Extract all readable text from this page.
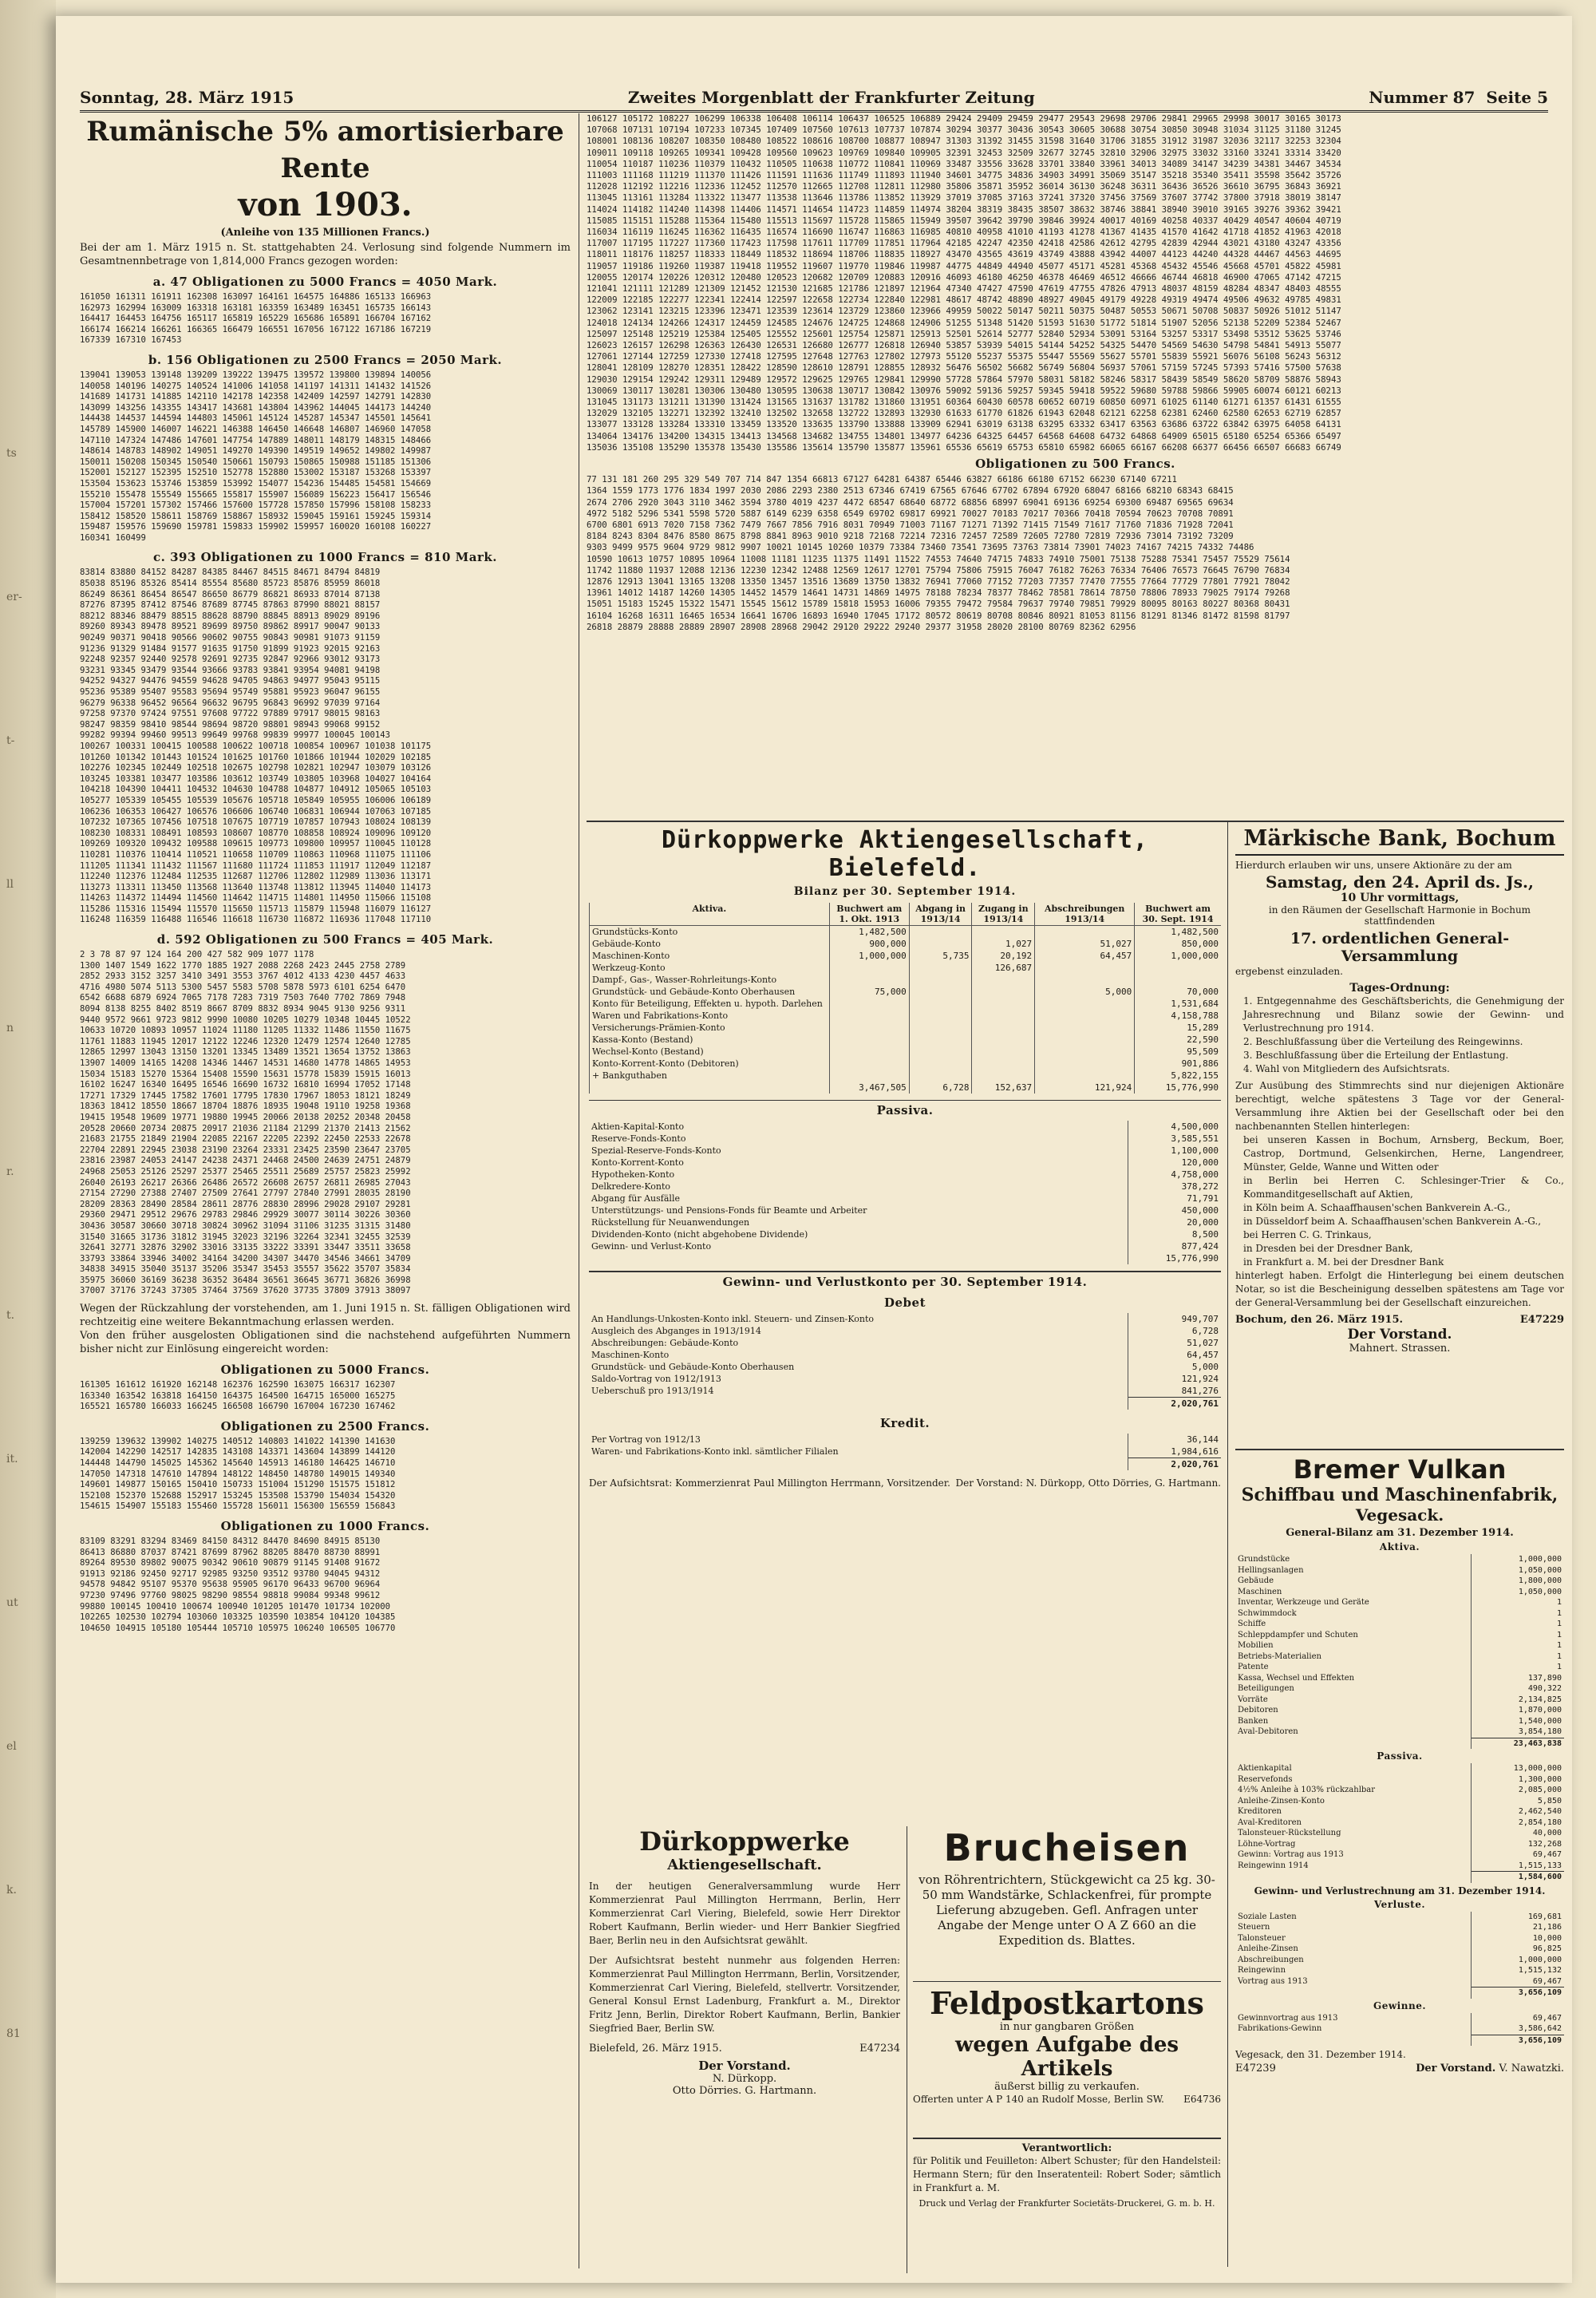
ts
er-
t-
ll
n
r.
t.
it.
ut
el
k.
81
Sonntag, 28. März 1915	Zweites Morgenblatt der Frankfurter Zeitung	Nummer 87 Seite 5
Rumänische 5% amortisierbare Rente
von 1903.
(Anleihe von 135 Millionen Francs.)
Bei der am 1. März 1915 n. St. stattgehabten 24. Verlosung sind folgende Nummern im Gesamtnennbetrage von 1,814,000 Francs gezogen worden:
a. 47 Obligationen zu 5000 Francs = 4050 Mark.
161050 161311 161911 162308 163097 164161 164575 164886 165133 166963
162973 162994 163009 163318 163181 163359 163489 163451 165735 166143
164417 164453 164756 165117 165819 165229 165686 165891 166704 167162
166174 166214 166261 166365 166479 166551 167056 167122 167186 167219
167339 167310 167453
b. 156 Obligationen zu 2500 Francs = 2050 Mark.
139041 139053 139148 139209 139222 139475 139572 139800 139894 140056
140058 140196 140275 140524 141006 141058 141197 141311 141432 141526
141689 141731 141885 142110 142178 142358 142409 142597 142791 142830
143099 143256 143355 143417 143681 143804 143962 144045 144173 144240
144438 144537 144594 144803 145061 145124 145287 145347 145501 145641
145789 145900 146007 146221 146388 146450 146648 146807 146960 147058
147110 147324 147486 147601 147754 147889 148011 148179 148315 148466
148614 148783 148902 149051 149270 149390 149519 149652 149802 149987
150011 150208 150345 150540 150661 150793 150865 150988 151185 151306
152001 152127 152395 152510 152778 152880 153002 153187 153268 153397
153504 153623 153746 153859 153992 154077 154236 154485 154581 154669
155210 155478 155549 155665 155817 155907 156089 156223 156417 156546
157004 157201 157302 157466 157600 157728 157850 157996 158108 158233
158412 158520 158611 158769 158867 158932 159045 159161 159245 159314
159487 159576 159690 159781 159833 159902 159957 160020 160108 160227
160341 160499
c. 393 Obligationen zu 1000 Francs = 810 Mark.
83814 83880 84152 84287 84385 84467 84515 84671 84794 84819
85038 85196 85326 85414 85554 85680 85723 85876 85959 86018
86249 86361 86454 86547 86650 86779 86821 86933 87014 87138
87276 87395 87412 87546 87689 87745 87863 87990 88021 88157
88212 88346 88479 88515 88628 88790 88845 88913 89029 89196
89260 89343 89478 89521 89699 89750 89862 89917 90047 90133
90249 90371 90418 90566 90602 90755 90843 90981 91073 91159
91236 91329 91484 91577 91635 91750 91899 91923 92015 92163
92248 92357 92440 92578 92691 92735 92847 92966 93012 93173
93231 93345 93479 93544 93666 93783 93841 93954 94081 94198
94252 94327 94476 94559 94628 94705 94863 94977 95043 95115
95236 95389 95407 95583 95694 95749 95881 95923 96047 96155
96279 96338 96452 96564 96632 96795 96843 96992 97039 97164
97258 97370 97424 97551 97608 97722 97889 97917 98015 98163
98247 98359 98410 98544 98694 98720 98801 98943 99068 99152
99282 99394 99460 99513 99649 99768 99839 99977 100045 100143
100267 100331 100415 100588 100622 100718 100854 100967 101038 101175
101260 101342 101443 101524 101625 101760 101866 101944 102029 102185
102276 102345 102449 102518 102675 102798 102821 102947 103079 103126
103245 103381 103477 103586 103612 103749 103805 103968 104027 104164
104218 104390 104411 104532 104630 104788 104877 104912 105065 105103
105277 105339 105455 105539 105676 105718 105849 105955 106006 106189
106236 106353 106427 106576 106606 106740 106831 106944 107063 107185
107232 107365 107456 107518 107675 107719 107857 107943 108024 108139
108230 108331 108491 108593 108607 108770 108858 108924 109096 109120
109269 109320 109432 109588 109615 109773 109800 109957 110045 110128
110281 110376 110414 110521 110658 110709 110863 110968 111075 111106
111205 111341 111432 111567 111680 111724 111853 111917 112049 112187
112240 112376 112484 112535 112687 112706 112802 112989 113036 113171
113273 113311 113450 113568 113640 113748 113812 113945 114040 114173
114263 114372 114494 114560 114642 114715 114801 114950 115066 115108
115286 115316 115494 115570 115650 115713 115879 115948 116079 116127
116248 116359 116488 116546 116618 116730 116872 116936 117048 117110
d. 592 Obligationen zu 500 Francs = 405 Mark.
2 3 78 87 97 124 164 200 427 582 909 1077 1178
1300 1407 1549 1622 1770 1885 1927 2088 2268 2423 2445 2758 2789
2852 2933 3152 3257 3410 3491 3553 3767 4012 4133 4230 4457 4633
4716 4980 5074 5113 5300 5457 5583 5708 5878 5973 6101 6254 6470
6542 6688 6879 6924 7065 7178 7283 7319 7503 7640 7702 7869 7948
8094 8138 8255 8402 8519 8667 8709 8832 8934 9045 9130 9256 9311
9440 9572 9661 9723 9812 9990 10080 10205 10279 10348 10445 10522
10633 10720 10893 10957 11024 11180 11205 11332 11486 11550 11675
11761 11883 11945 12017 12122 12246 12320 12479 12574 12640 12785
12865 12997 13043 13150 13201 13345 13489 13521 13654 13752 13863
13907 14009 14165 14208 14346 14467 14531 14680 14778 14865 14953
15034 15183 15270 15364 15408 15590 15631 15778 15839 15915 16013
16102 16247 16340 16495 16546 16690 16732 16810 16994 17052 17148
17271 17329 17445 17582 17601 17795 17830 17967 18053 18121 18249
18363 18412 18550 18667 18704 18876 18935 19048 19110 19258 19368
19415 19548 19609 19771 19880 19945 20066 20138 20252 20348 20458
20528 20660 20734 20875 20917 21036 21184 21299 21370 21413 21562
21683 21755 21849 21904 22085 22167 22205 22392 22450 22533 22678
22704 22891 22945 23038 23190 23264 23331 23425 23590 23647 23705
23816 23987 24053 24147 24238 24371 24468 24500 24639 24751 24879
24968 25053 25126 25297 25377 25465 25511 25689 25757 25823 25992
26040 26193 26217 26366 26486 26572 26608 26757 26811 26985 27043
27154 27290 27388 27407 27509 27641 27797 27840 27991 28035 28190
28209 28363 28490 28584 28611 28776 28830 28996 29028 29107 29281
29360 29471 29512 29676 29783 29846 29929 30077 30114 30226 30360
30436 30587 30660 30718 30824 30962 31094 31106 31235 31315 31480
31540 31665 31736 31812 31945 32023 32196 32264 32341 32455 32539
32641 32771 32876 32902 33016 33135 33222 33391 33447 33511 33658
33793 33864 33946 34002 34164 34200 34307 34470 34546 34661 34709
34838 34915 35040 35137 35206 35347 35453 35557 35622 35707 35834
35975 36060 36169 36238 36352 36484 36561 36645 36771 36826 36998
37007 37176 37243 37305 37464 37569 37620 37735 37809 37913 38097
Wegen der Rückzahlung der vorstehenden, am 1. Juni 1915 n. St. fälligen Obligationen wird rechtzeitig eine weitere Bekanntmachung erlassen werden.
Von den früher ausgelosten Obligationen sind die nachstehend aufgeführten Nummern bisher nicht zur Einlösung eingereicht worden:
Obligationen zu 5000 Francs.
161305 161612 161920 162148 162376 162590 163075 166317 162307
163340 163542 163818 164150 164375 164500 164715 165000 165275
165521 165780 166033 166245 166508 166790 167004 167230 167462
Obligationen zu 2500 Francs.
139259 139632 139902 140275 140512 140803 141022 141390 141630
142004 142290 142517 142835 143108 143371 143604 143899 144120
144448 144790 145025 145362 145640 145913 146180 146425 146710
147050 147318 147610 147894 148122 148450 148780 149015 149340
149601 149877 150165 150410 150733 151004 151290 151575 151812
152108 152370 152688 152917 153245 153508 153790 154034 154320
154615 154907 155183 155460 155728 156011 156300 156559 156843
Obligationen zu 1000 Francs.
83109 83291 83294 83469 84150 84312 84470 84690 84915 85130
86413 86880 87037 87421 87699 87962 88205 88470 88730 88991
89264 89530 89802 90075 90342 90610 90879 91145 91408 91672
91913 92186 92450 92717 92985 93250 93512 93780 94045 94312
94578 94842 95107 95370 95638 95905 96170 96433 96700 96964
97230 97496 97760 98025 98290 98554 98818 99084 99348 99612
99880 100145 100410 100674 100940 101205 101470 101734 102000
102265 102530 102794 103060 103325 103590 103854 104120 104385
104650 104915 105180 105444 105710 105975 106240 106505 106770
106127 105172 108227 106299 106338 106408 106114 106437 106525 106889 29424 29409 29459 29477 29543 29698 29706 29841 29965 29998 30017 30165 30173
107068 107131 107194 107233 107345 107409 107560 107613 107737 107874 30294 30377 30436 30543 30605 30688 30754 30850 30948 31034 31125 31180 31245
108001 108136 108207 108350 108480 108522 108616 108700 108877 108947 31303 31392 31455 31598 31640 31706 31855 31912 31987 32036 32117 32253 32304
109011 109118 109265 109341 109428 109560 109623 109769 109840 109905 32391 32453 32509 32677 32745 32810 32906 32975 33032 33160 33241 33314 33420
110054 110187 110236 110379 110432 110505 110638 110772 110841 110969 33487 33556 33628 33701 33840 33961 34013 34089 34147 34239 34381 34467 34534
111003 111168 111219 111370 111426 111591 111636 111749 111893 111940 34601 34775 34836 34903 34991 35069 35147 35218 35340 35411 35598 35642 35726
112028 112192 112216 112336 112452 112570 112665 112708 112811 112980 35806 35871 35952 36014 36130 36248 36311 36436 36526 36610 36795 36843 36921
113045 113161 113284 113322 113477 113538 113646 113786 113852 113929 37019 37085 37163 37241 37320 37456 37569 37607 37742 37800 37918 38019 38147
114024 114182 114240 114398 114406 114571 114654 114723 114859 114974 38204 38319 38435 38507 38632 38746 38841 38940 39010 39165 39276 39362 39421
115085 115151 115288 115364 115480 115513 115697 115728 115865 115949 39507 39642 39790 39846 39924 40017 40169 40258 40337 40429 40547 40604 40719
116034 116119 116245 116362 116435 116574 116690 116747 116863 116985 40810 40958 41010 41193 41278 41367 41435 41570 41642 41718 41852 41963 42018
117007 117195 117227 117360 117423 117598 117611 117709 117851 117964 42185 42247 42350 42418 42586 42612 42795 42839 42944 43021 43180 43247 43356
118011 118176 118257 118333 118449 118532 118694 118706 118835 118927 43470 43565 43619 43749 43888 43942 44007 44123 44240 44328 44467 44563 44695
119057 119186 119260 119387 119418 119552 119607 119770 119846 119987 44775 44849 44940 45077 45171 45281 45368 45432 45546 45668 45701 45822 45981
120055 120174 120226 120312 120480 120523 120682 120709 120883 120916 46093 46180 46250 46378 46469 46512 46666 46744 46818 46900 47065 47142 47215
121041 121111 121289 121309 121452 121530 121685 121786 121897 121964 47340 47427 47590 47619 47755 47826 47913 48037 48159 48284 48347 48403 48555
122009 122185 122277 122341 122414 122597 122658 122734 122840 122981 48617 48742 48890 48927 49045 49179 49228 49319 49474 49506 49632 49785 49831
123062 123141 123215 123396 123471 123539 123614 123729 123860 123966 49959 50022 50147 50211 50375 50487 50553 50671 50708 50837 50926 51012 51147
124018 124134 124266 124317 124459 124585 124676 124725 124868 124906 51255 51348 51420 51593 51630 51772 51814 51907 52056 52138 52209 52384 52467
125097 125148 125219 125384 125405 125552 125601 125754 125871 125913 52501 52614 52777 52840 52934 53091 53164 53257 53317 53498 53512 53625 53746
126023 126157 126298 126363 126430 126531 126680 126777 126818 126940 53857 53939 54015 54144 54252 54325 54470 54569 54630 54798 54841 54913 55077
127061 127144 127259 127330 127418 127595 127648 127763 127802 127973 55120 55237 55375 55447 55569 55627 55701 55839 55921 56076 56108 56243 56312
128041 128109 128270 128351 128422 128590 128610 128791 128855 128932 56476 56502 56682 56749 56804 56937 57061 57159 57245 57393 57416 57500 57638
129030 129154 129242 129311 129489 129572 129625 129765 129841 129990 57728 57864 57970 58031 58182 58246 58317 58439 58549 58620 58709 58876 58943
130069 130117 130281 130306 130480 130595 130638 130717 130842 130976 59092 59136 59257 59345 59418 59522 59680 59788 59866 59905 60074 60121 60213
131045 131173 131211 131390 131424 131565 131637 131782 131860 131951 60364 60430 60578 60652 60719 60850 60971 61025 61140 61271 61357 61431 61555
132029 132105 132271 132392 132410 132502 132658 132722 132893 132930 61633 61770 61826 61943 62048 62121 62258 62381 62460 62580 62653 62719 62857
133077 133128 133284 133310 133459 133520 133635 133790 133888 133909 62941 63019 63138 63295 63332 63417 63563 63686 63722 63842 63975 64058 64131
134064 134176 134200 134315 134413 134568 134682 134755 134801 134977 64236 64325 64457 64568 64608 64732 64868 64909 65015 65180 65254 65366 65497
135036 135108 135290 135378 135430 135586 135614 135790 135877 135961 65536 65619 65753 65810 65982 66065 66167 66208 66377 66456 66507 66683 66749
Obligationen zu 500 Francs.
77 131 181 260 295 329 549 707 714 847 1354 66813 67127 64281 64387 65446 63827 66186 66180 67152 66230 67140 67211
1364 1559 1773 1776 1834 1997 2030 2086 2293 2380 2513 67346 67419 67565 67646 67702 67894 67920 68047 68166 68210 68343 68415
2674 2706 2920 3043 3110 3462 3594 3780 4019 4237 4472 68547 68640 68772 68856 68997 69041 69136 69254 69300 69487 69565 69634
4972 5182 5296 5341 5598 5720 5887 6149 6239 6358 6549 69702 69817 69921 70027 70183 70217 70366 70418 70594 70623 70708 70891
6700 6801 6913 7020 7158 7362 7479 7667 7856 7916 8031 70949 71003 71167 71271 71392 71415 71549 71617 71760 71836 71928 72041
8184 8243 8304 8476 8580 8675 8798 8841 8963 9010 9218 72168 72214 72316 72457 72589 72605 72780 72819 72936 73014 73192 73209
9303 9499 9575 9604 9729 9812 9907 10021 10145 10260 10379 73384 73460 73541 73695 73763 73814 73901 74023 74167 74215 74332 74486
10590 10613 10757 10895 10964 11008 11181 11235 11375 11491 11522 74553 74640 74715 74833 74910 75001 75138 75288 75341 75457 75529 75614
11742 11880 11937 12088 12136 12230 12342 12488 12569 12617 12701 75794 75806 75915 76047 76182 76263 76334 76406 76573 76645 76790 76834
12876 12913 13041 13165 13208 13350 13457 13516 13689 13750 13832 76941 77060 77152 77203 77357 77470 77555 77664 77729 77801 77921 78042
13961 14012 14187 14260 14305 14452 14579 14641 14731 14869 14975 78188 78234 78377 78462 78581 78614 78750 78806 78933 79025 79174 79268
15051 15183 15245 15322 15471 15545 15612 15789 15818 15953 16006 79355 79472 79584 79637 79740 79851 79929 80095 80163 80227 80368 80431
16104 16268 16311 16465 16534 16641 16706 16893 16940 17045 17172 80572 80619 80708 80846 80921 81053 81156 81291 81346 81472 81598 81797
26818 28879 28888 28889 28907 28908 28968 29042 29120 29222 29240 29377 31958 28020 28100 80769 82362 62956
Dürkoppwerke Aktiengesellschaft, Bielefeld.
Bilanz per 30. September 1914.
Aktiva.	Buchwert am 1. Okt. 1913	Abgang in 1913/14	Zugang in 1913/14	Abschreibungen 1913/14	Buchwert am 30. Sept. 1914
Grundstücks-Konto	1,482,500				1,482,500
Gebäude-Konto	900,000		1,027	51,027	850,000
Maschinen-Konto	1,000,000	5,735	20,192	64,457	1,000,000
Werkzeug-Konto			126,687		
Dampf-, Gas-, Wasser-Rohrleitungs-Konto					
Grundstück- und Gebäude-Konto Oberhausen	75,000			5,000	70,000
Konto für Beteiligung, Effekten u. hypoth. Darlehen					1,531,684
Waren und Fabrikations-Konto					4,158,788
Versicherungs-Prämien-Konto					15,289
Kassa-Konto (Bestand)					22,590
Wechsel-Konto (Bestand)					95,509
Konto-Korrent-Konto (Debitoren)					901,886
+ Bankguthaben					5,822,155
	3,467,505	6,728	152,637	121,924	15,776,990
Passiva.
Aktien-Kapital-Konto	4,500,000
Reserve-Fonds-Konto	3,585,551
Spezial-Reserve-Fonds-Konto	1,100,000
Konto-Korrent-Konto	120,000
Hypotheken-Konto	4,758,000
Delkredere-Konto	378,272
Abgang für Ausfälle	71,791
Unterstützungs- und Pensions-Fonds für Beamte und Arbeiter	450,000
Rückstellung für Neuanwendungen	20,000
Dividenden-Konto (nicht abgehobene Dividende)	8,500
Gewinn- und Verlust-Konto	877,424
	15,776,990
Gewinn- und Verlustkonto per 30. September 1914.
Debet
An Handlungs-Unkosten-Konto inkl. Steuern- und Zinsen-Konto	949,707
Ausgleich des Abganges in 1913/1914	6,728
Abschreibungen: Gebäude-Konto	51,027
Maschinen-Konto	64,457
Grundstück- und Gebäude-Konto Oberhausen	5,000
Saldo-Vortrag von 1912/1913	121,924
Ueberschuß pro 1913/1914	841,276
	2,020,761
Kredit.
Per Vortrag von 1912/13	36,144
Waren- und Fabrikations-Konto inkl. sämtlicher Filialen	1,984,616
	2,020,761
Der Aufsichtsrat: Kommerzienrat Paul Millington Herrmann, Vorsitzender. Der Vorstand: N. Dürkopp, Otto Dörries, G. Hartmann.
Dürkoppwerke
Aktiengesellschaft.
In der heutigen Generalversammlung wurde Herr Kommerzienrat Paul Millington Herrmann, Berlin, Herr Kommerzienrat Carl Viering, Bielefeld, sowie Herr Direktor Robert Kaufmann, Berlin wieder- und Herr Bankier Siegfried Baer, Berlin neu in den Aufsichtsrat gewählt.
Der Aufsichtsrat besteht nunmehr aus folgenden Herren: Kommerzienrat Paul Millington Herrmann, Berlin, Vorsitzender, Kommerzienrat Carl Viering, Bielefeld, stellvertr. Vorsitzender, General Konsul Ernst Ladenburg, Frankfurt a. M., Direktor Fritz Jenn, Berlin, Direktor Robert Kaufmann, Berlin, Bankier Siegfried Baer, Berlin SW.
Bielefeld, 26. März 1915.	E47234
Der Vorstand.
N. Dürkopp.
Otto Dörries. G. Hartmann.
Brucheisen
von Röhrentrichtern, Stückgewicht ca 25 kg. 30-50 mm Wandstärke, Schlackenfrei, für prompte Lieferung abzugeben. Gefl. Anfragen unter Angabe der Menge unter O A Z 660 an die Expedition ds. Blattes.
Feldpostkartons
in nur gangbaren Größen
wegen Aufgabe des Artikels
äußerst billig zu verkaufen.
Offerten unter A P 140 an Rudolf Mosse, Berlin SW. E64736
Verantwortlich:
für Politik und Feuilleton: Albert Schuster; für den Handelsteil: Hermann Stern; für den Inseratenteil: Robert Soder; sämtlich in Frankfurt a. M.
Druck und Verlag der Frankfurter Societäts-Druckerei, G. m. b. H.
Märkische Bank, Bochum
Hierdurch erlauben wir uns, unsere Aktionäre zu der am
Samstag, den 24. April ds. Js.,
10 Uhr vormittags,
in den Räumen der Gesellschaft Harmonie in Bochum stattfindenden
17. ordentlichen General-Versammlung
ergebenst einzuladen.
Tages-Ordnung:
1. Entgegennahme des Geschäftsberichts, die Genehmigung der Jahresrechnung und Bilanz sowie der Gewinn- und Verlustrechnung pro 1914.
2. Beschlußfassung über die Verteilung des Reingewinns.
3. Beschlußfassung über die Erteilung der Entlastung.
4. Wahl von Mitgliedern des Aufsichtsrats.
Zur Ausübung des Stimmrechts sind nur diejenigen Aktionäre berechtigt, welche spätestens 3 Tage vor der General-Versammlung ihre Aktien bei der Gesellschaft oder bei den nachbenannten Stellen hinterlegen:
bei unseren Kassen in Bochum, Arnsberg, Beckum, Boer, Castrop, Dortmund, Gelsenkirchen, Herne, Langendreer, Münster, Gelde, Wanne und Witten oder
in Berlin bei Herren C. Schlesinger-Trier & Co., Kommanditgesellschaft auf Aktien,
in Köln beim A. Schaaffhausen'schen Bankverein A.-G.,
in Düsseldorf beim A. Schaaffhausen'schen Bankverein A.-G.,
bei Herren C. G. Trinkaus,
in Dresden bei der Dresdner Bank,
in Frankfurt a. M. bei der Dresdner Bank
hinterlegt haben. Erfolgt die Hinterlegung bei einem deutschen Notar, so ist die Bescheinigung desselben spätestens am Tage vor der General-Versammlung bei der Gesellschaft einzureichen.
Bochum, den 26. März 1915.	E47229
Der Vorstand.
Mahnert. Strassen.
Bremer Vulkan
Schiffbau und Maschinenfabrik,
Vegesack.
General-Bilanz am 31. Dezember 1914.
Aktiva.
Grundstücke	1,000,000
Hellingsanlagen	1,050,000
Gebäude	1,800,000
Maschinen	1,050,000
Inventar, Werkzeuge und Geräte	1
Schwimmdock	1
Schiffe	1
Schleppdampfer und Schuten	1
Mobilien	1
Betriebs-Materialien	1
Patente	1
Kassa, Wechsel und Effekten	137,890
Beteiligungen	490,322
Vorräte	2,134,825
Debitoren	1,870,000
Banken	1,540,000
Aval-Debitoren	3,854,180
	23,463,838
Passiva.
Aktienkapital	13,000,000
Reservefonds	1,300,000
4½% Anleihe à 103% rückzahlbar	2,085,000
Anleihe-Zinsen-Konto	5,850
Kreditoren	2,462,540
Aval-Kreditoren	2,854,180
Talonsteuer-Rückstellung	40,000
Löhne-Vortrag	132,268
Gewinn: Vortrag aus 1913	69,467
Reingewinn 1914	1,515,133
	1,584,600
Gewinn- und Verlustrechnung am 31. Dezember 1914.
Verluste.
Soziale Lasten	169,681
Steuern	21,186
Talonsteuer	10,000
Anleihe-Zinsen	96,825
Abschreibungen	1,000,000
Reingewinn	1,515,132
Vortrag aus 1913	69,467
	3,656,109
Gewinne.
Gewinnvortrag aus 1913	69,467
Fabrikations-Gewinn	3,586,642
	3,656,109
Vegesack, den 31. Dezember 1914.
E47239	Der Vorstand. V. Nawatzki.
